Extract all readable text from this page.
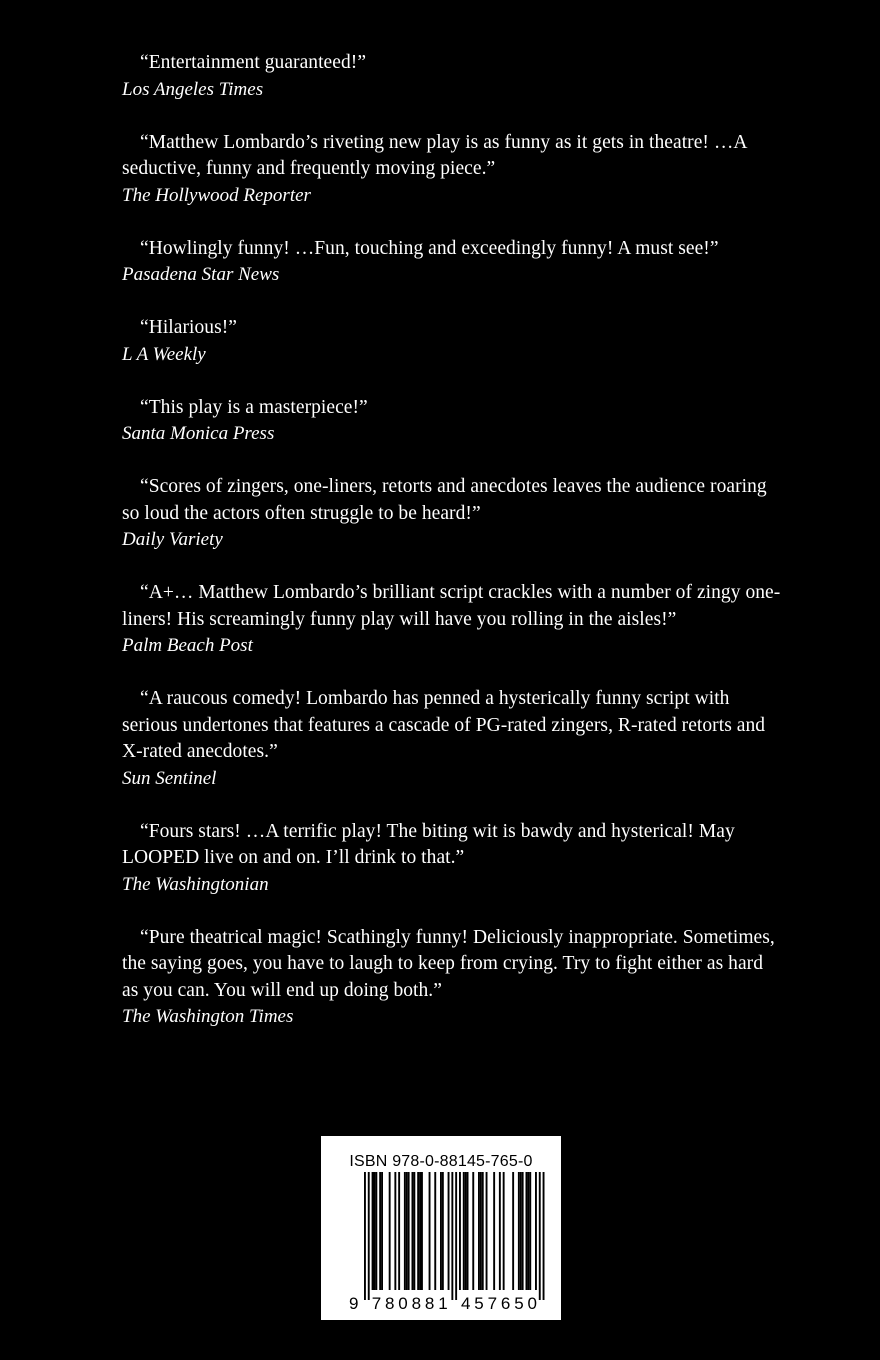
“Entertainment guaranteed!”
Los Angeles Times
“Matthew Lombardo’s riveting new play is as funny as it gets in theatre! …A seductive, funny and frequently moving piece.”
The Hollywood Reporter
“Howlingly funny! …Fun, touching and exceedingly funny! A must see!”
Pasadena Star News
“Hilarious!”
L A Weekly
“This play is a masterpiece!”
Santa Monica Press
“Scores of zingers, one-liners, retorts and anecdotes leaves the audience roaring so loud the actors often struggle to be heard!”
Daily Variety
“A+… Matthew Lombardo’s brilliant script crackles with a number of zingy one-liners! His screamingly funny play will have you rolling in the aisles!”
Palm Beach Post
“A raucous comedy! Lombardo has penned a hysterically funny script with serious undertones that features a cascade of PG-rated zingers, R-rated retorts and X-rated anecdotes.”
Sun Sentinel
“Fours stars! …A terrific play! The biting wit is bawdy and hysterical! May LOOPED live on and on. I’ll drink to that.”
The Washingtonian
“Pure theatrical magic! Scathingly funny! Deliciously inappropriate. Sometimes, the saying goes, you have to laugh to keep from crying. Try to fight either as hard as you can. You will end up doing both.”
The Washington Times
ISBN 978-0-88145-765-0
9 7 8 0 8 8 1 4 5 7 6 5 0
